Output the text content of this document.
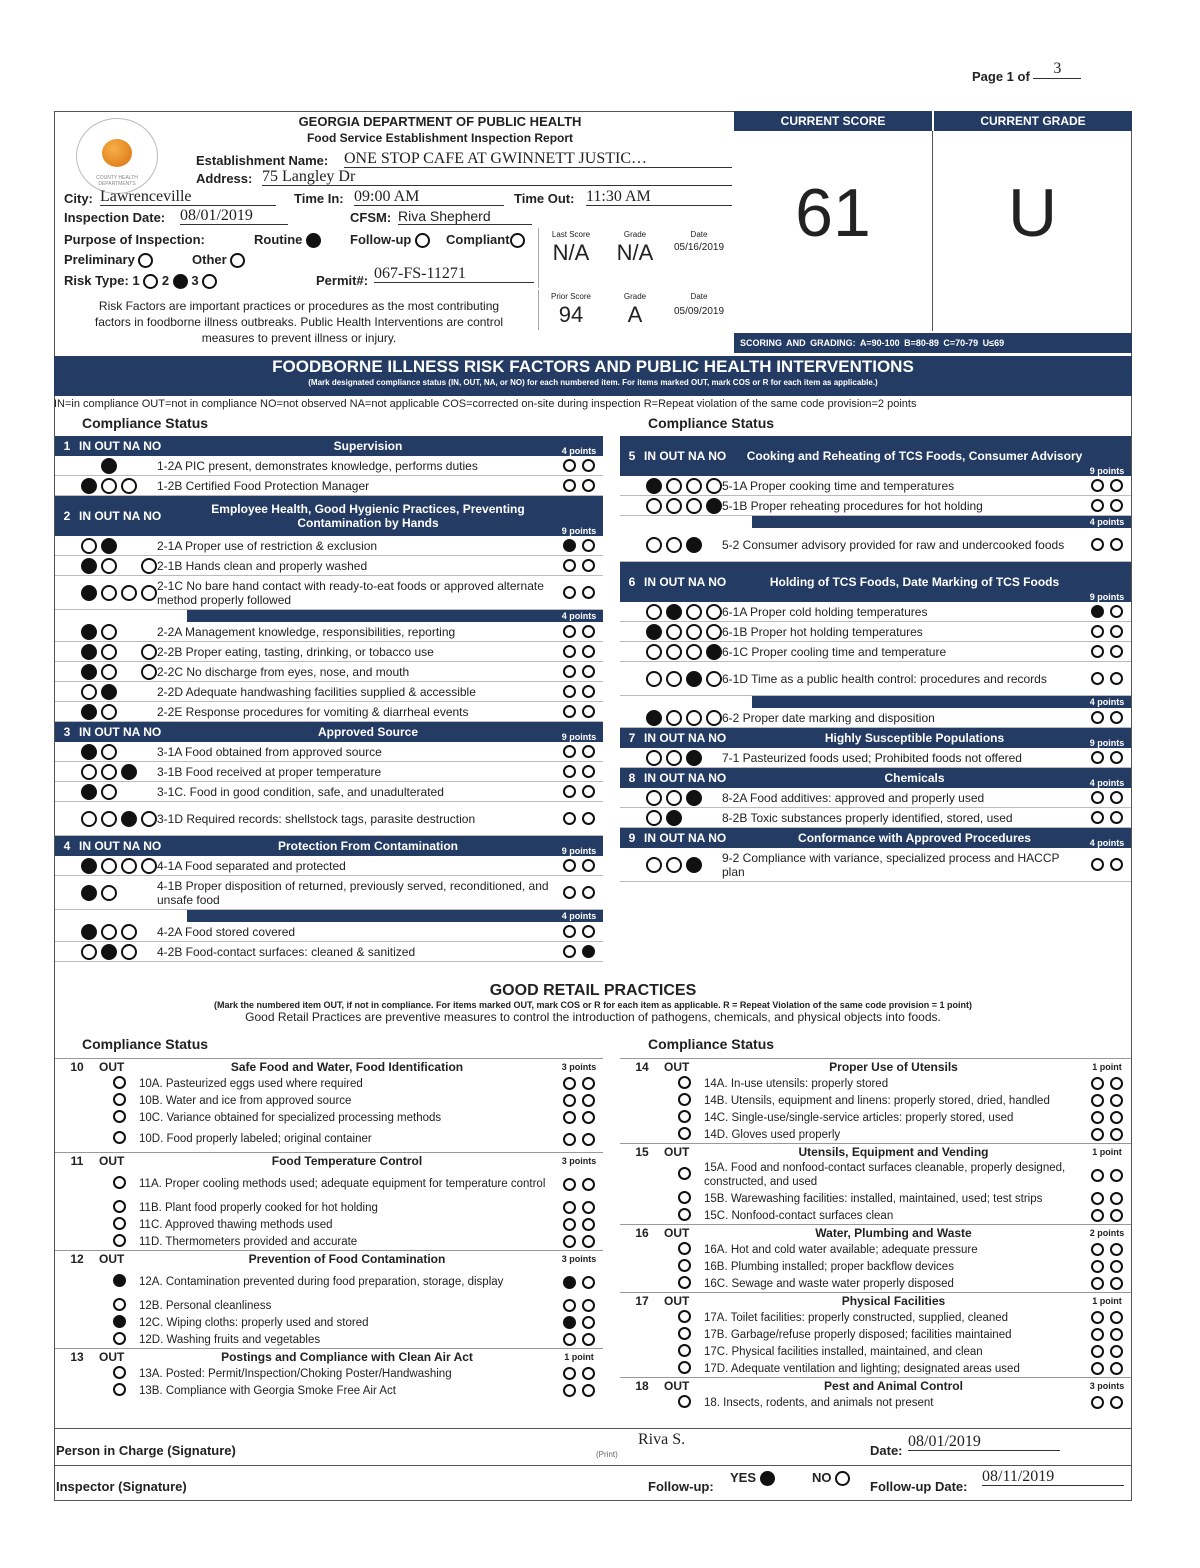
Page 1 of 3
COUNTY HEALTH DEPARTMENTS
GEORGIA DEPARTMENT OF PUBLIC HEALTH
Food Service Establishment Inspection Report
Establishment Name: ONE STOP CAFE AT GWINNETT JUSTIC…
Address: 75 Langley Dr
City: Lawrenceville	Time In: 09:00 AM	Time Out: 11:30 AM
Inspection Date: 08/01/2019	CFSM: Riva Shepherd
Purpose of Inspection:	Routine	Follow-up	Compliant
Preliminary	Other
Risk Type: 1 2 3	Permit#: 067-FS-11271
Last Score	Grade	Date
N/A	N/A	05/16/2019
Prior Score	Grade	Date
94	A	05/09/2019
Risk Factors are important practices or procedures as the most contributing factors in foodborne illness outbreaks. Public Health Interventions are control measures to prevent illness or injury.
CURRENT SCORE	CURRENT GRADE
61	U
SCORING AND GRADING: A=90-100 B=80-89 C=70-79 U≤69
FOODBORNE ILLNESS RISK FACTORS AND PUBLIC HEALTH INTERVENTIONS
(Mark designated compliance status (IN, OUT, NA, or NO) for each numbered item. For items marked OUT, mark COS or R for each item as applicable.)
IN=in compliance OUT=not in compliance NO=not observed NA=not applicable COS=corrected on-site during inspection R=Repeat violation of the same code provision=2 points
Compliance Status	Compliance Status
1 IN OUT NA NO	Supervision	4 points
1-2A PIC present, demonstrates knowledge, performs duties
1-2B Certified Food Protection Manager
2 IN OUT NA NO	Employee Health, Good Hygienic Practices, Preventing Contamination by Hands
9 points
2-1A Proper use of restriction & exclusion
2-1B Hands clean and properly washed
2-1C No bare hand contact with ready-to-eat foods or approved alternate method properly followed
4 points
2-2A Management knowledge, responsibilities, reporting
2-2B Proper eating, tasting, drinking, or tobacco use
2-2C No discharge from eyes, nose, and mouth
2-2D Adequate handwashing facilities supplied & accessible
2-2E Response procedures for vomiting & diarrheal events
3 IN OUT NA NO	Approved Source	9 points
3-1A Food obtained from approved source
3-1B Food received at proper temperature
3-1C. Food in good condition, safe, and unadulterated
3-1D Required records: shellstock tags, parasite destruction
4 IN OUT NA NO	Protection From Contamination	9 points
4-1A Food separated and protected
4-1B Proper disposition of returned, previously served, reconditioned, and unsafe food
4 points
4-2A Food stored covered
4-2B Food-contact surfaces: cleaned & sanitized
5 IN OUT NA NO	Cooking and Reheating of TCS Foods, Consumer Advisory
9 points
5-1A Proper cooking time and temperatures
5-1B Proper reheating procedures for hot holding
4 points
5-2 Consumer advisory provided for raw and undercooked foods
6 IN OUT NA NO	Holding of TCS Foods, Date Marking of TCS Foods
9 points
6-1A Proper cold holding temperatures
6-1B Proper hot holding temperatures
6-1C Proper cooling time and temperature
6-1D Time as a public health control: procedures and records
4 points
6-2 Proper date marking and disposition
7 IN OUT NA NO	Highly Susceptible Populations	9 points
7-1 Pasteurized foods used; Prohibited foods not offered
8 IN OUT NA NO	Chemicals	4 points
8-2A Food additives: approved and properly used
8-2B Toxic substances properly identified, stored, used
9 IN OUT NA NO	Conformance with Approved Procedures	4 points
9-2 Compliance with variance, specialized process and HACCP plan
GOOD RETAIL PRACTICES
(Mark the numbered item OUT, if not in compliance. For items marked OUT, mark COS or R for each item as applicable. R = Repeat Violation of the same code provision = 1 point)
Good Retail Practices are preventive measures to control the introduction of pathogens, chemicals, and physical objects into foods.
Compliance Status	Compliance Status
10	OUT	Safe Food and Water, Food Identification	3 points
10A. Pasteurized eggs used where required
10B. Water and ice from approved source
10C. Variance obtained for specialized processing methods
10D. Food properly labeled; original container
11	OUT	Food Temperature Control	3 points
11A. Proper cooling methods used; adequate equipment for temperature control
11B. Plant food properly cooked for hot holding
11C. Approved thawing methods used
11D. Thermometers provided and accurate
12	OUT	Prevention of Food Contamination	3 points
12A. Contamination prevented during food preparation, storage, display
12B. Personal cleanliness
12C. Wiping cloths: properly used and stored
12D. Washing fruits and vegetables
13	OUT	Postings and Compliance with Clean Air Act	1 point
13A. Posted: Permit/Inspection/Choking Poster/Handwashing
13B. Compliance with Georgia Smoke Free Air Act
14	OUT	Proper Use of Utensils	1 point
14A. In-use utensils: properly stored
14B. Utensils, equipment and linens: properly stored, dried, handled
14C. Single-use/single-service articles: properly stored, used
14D. Gloves used properly
15	OUT	Utensils, Equipment and Vending	1 point
15A. Food and nonfood-contact surfaces cleanable, properly designed, constructed, and used
15B. Warewashing facilities: installed, maintained, used; test strips
15C. Nonfood-contact surfaces clean
16	OUT	Water, Plumbing and Waste	2 points
16A. Hot and cold water available; adequate pressure
16B. Plumbing installed; proper backflow devices
16C. Sewage and waste water properly disposed
17	OUT	Physical Facilities	1 point
17A. Toilet facilities: properly constructed, supplied, cleaned
17B. Garbage/refuse properly disposed; facilities maintained
17C. Physical facilities installed, maintained, and clean
17D. Adequate ventilation and lighting; designated areas used
18	OUT	Pest and Animal Control	3 points
18. Insects, rodents, and animals not present
Person in Charge (Signature)	(Print)
Riva S.
Date:
08/01/2019
Inspector (Signature)	Follow-up:
YES	NO
Follow-up Date:
08/11/2019
